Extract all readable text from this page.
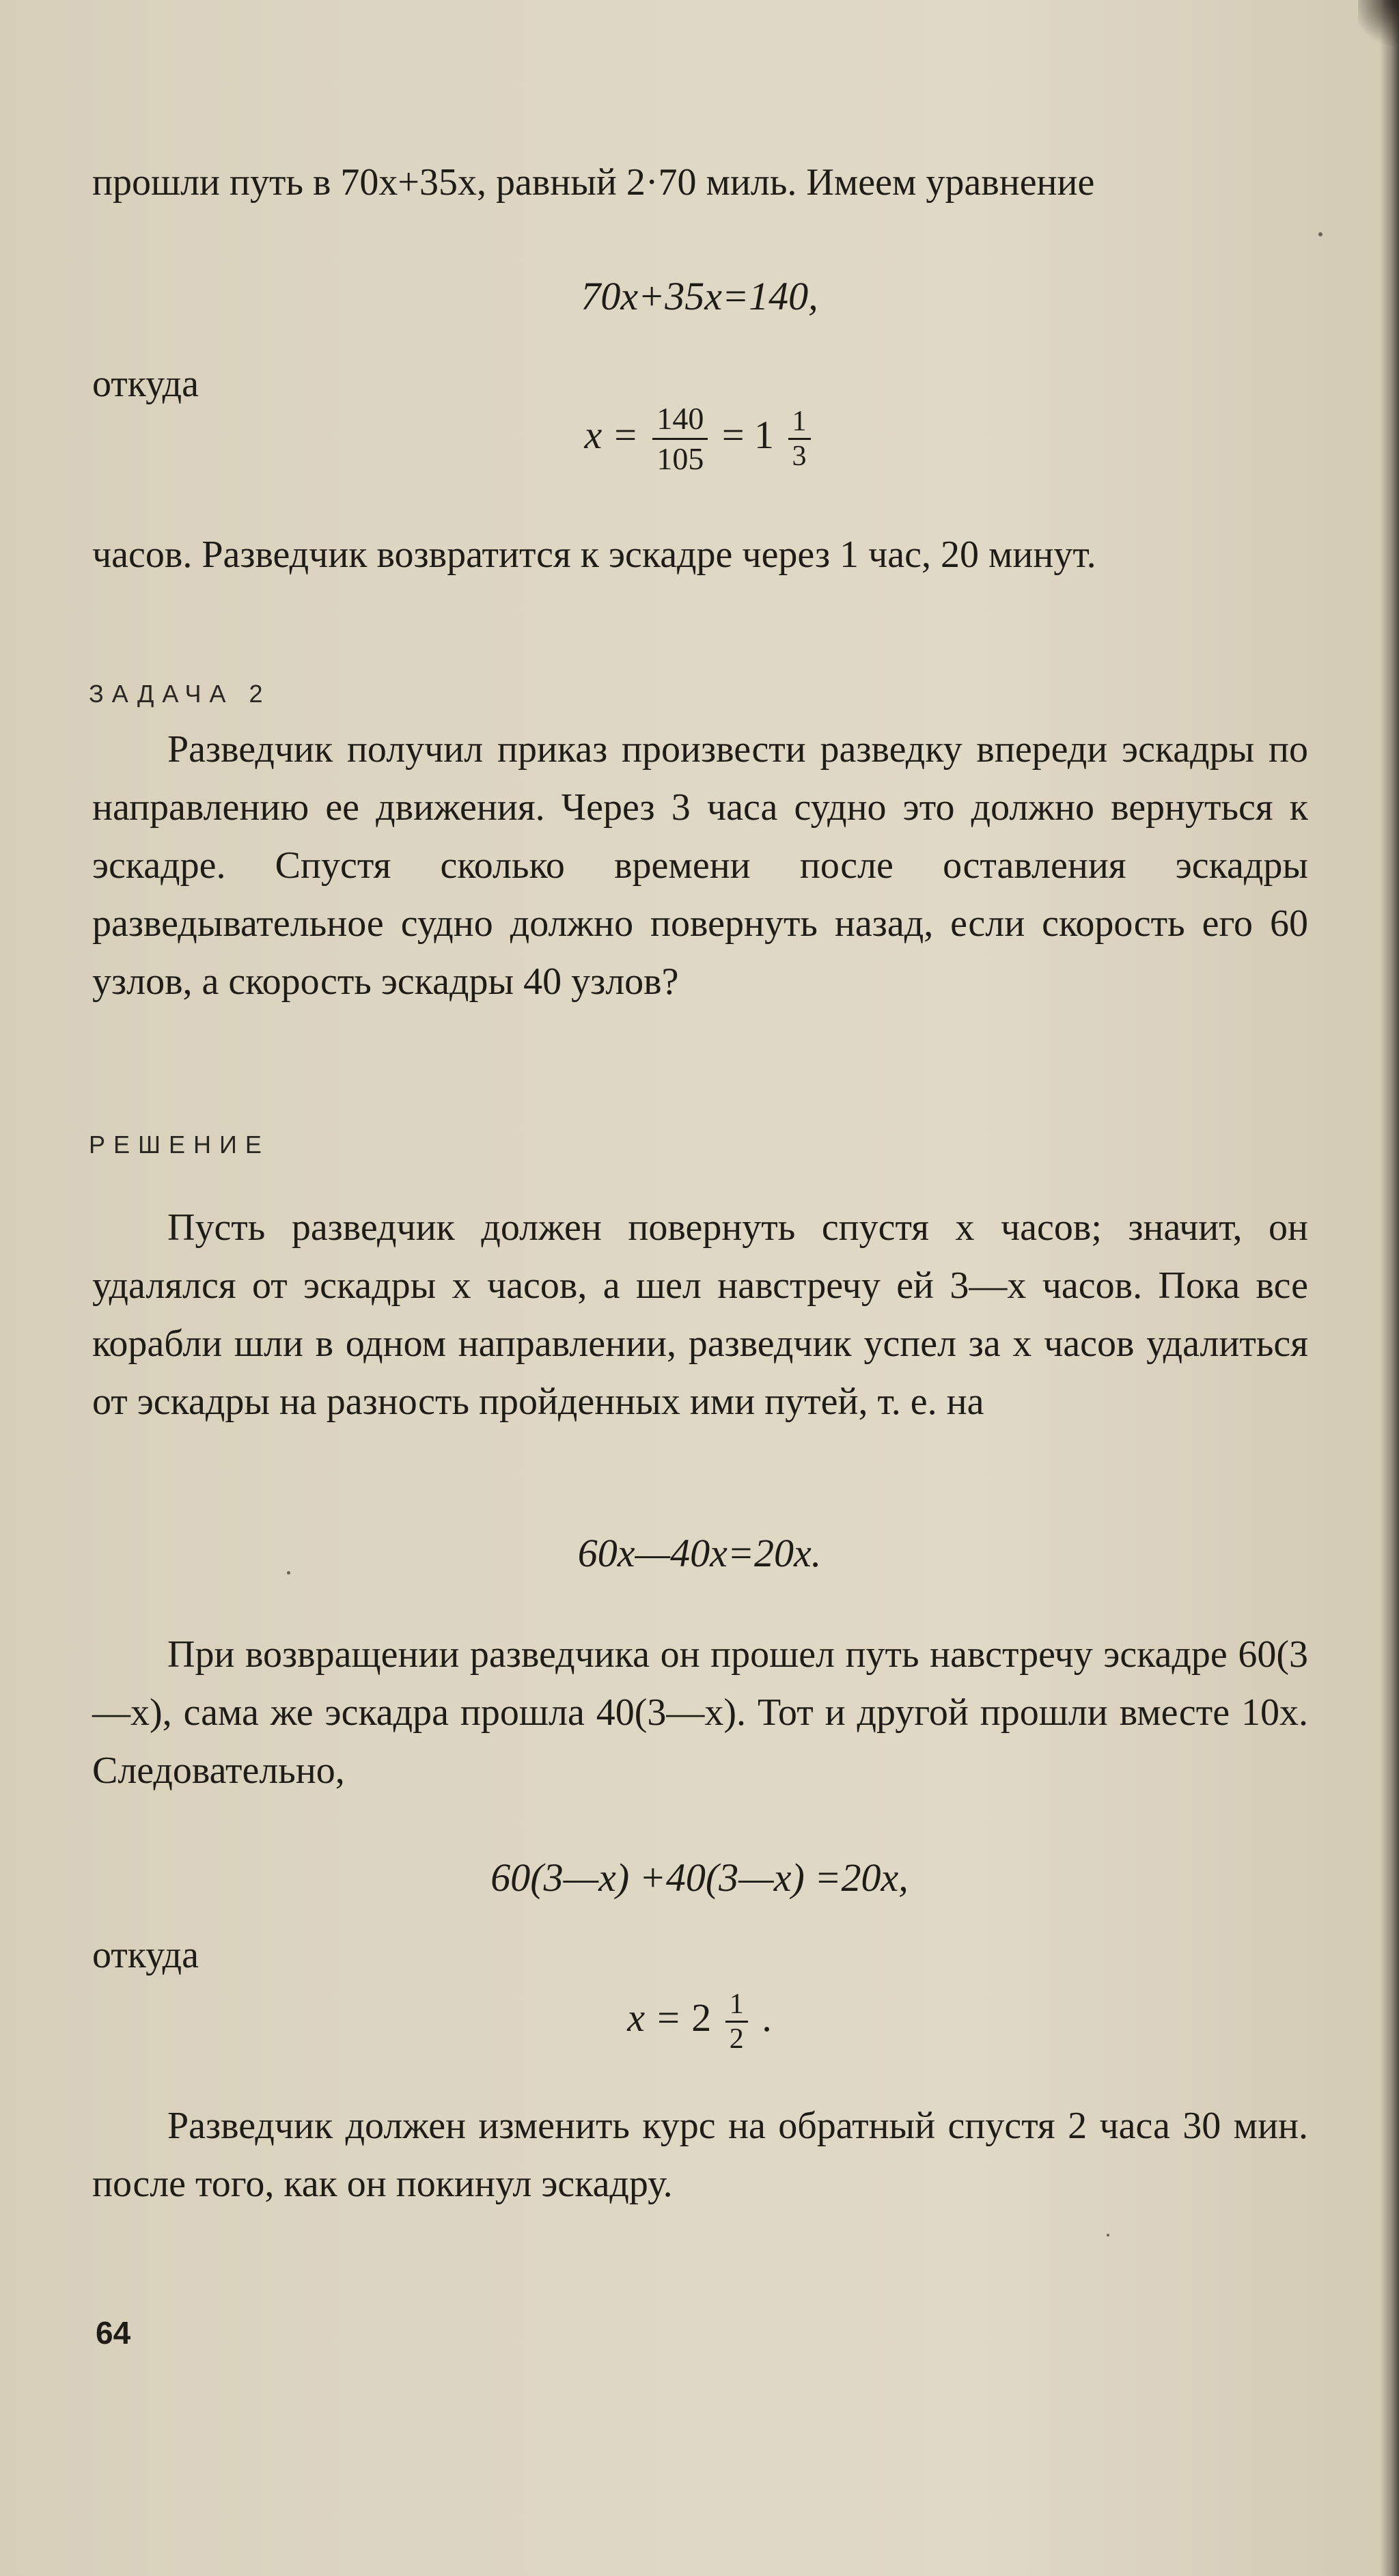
прошли путь в 70x+35x, равный 2·70 миль. Имеем уравнение

70x+35x=140,
откуда
$x = \frac{140}{105} = 1 \frac{1}{3}$

часов. Разведчик возвратится к эскадре через 1 час, 20 минут.

ЗАДАЧА 2

Разведчик получил приказ произвести разведку впереди эскадры по направлению ее движения. Через 3 часа судно это должно вернуться к эскадре. Спустя сколько времени после оставления эскадры разведывательное судно должно повернуть назад, если скорость его 60 узлов, а скорость эскадры 40 узлов?

РЕШЕНИЕ

Пусть разведчик должен повернуть спустя x часов; значит, он удалялся от эскадры x часов, а шел навстречу ей 3—x часов. Пока все корабли шли в одном направлении, разведчик успел за x часов удалиться от эскадры на разность пройденных ими путей, т. е. на

60x—40x=20x.

При возвращении разведчика он прошел путь навстречу эскадре 60(3—x), сама же эскадра прошла 40(3—x). Тот и другой прошли вместе 10x. Следовательно,

60(3—x) +40(3—x) =20x,
откуда
$x = 2 \frac{1}{2}$ .

Разведчик должен изменить курс на обратный спустя 2 часа 30 мин. после того, как он покинул эскадру.

64
